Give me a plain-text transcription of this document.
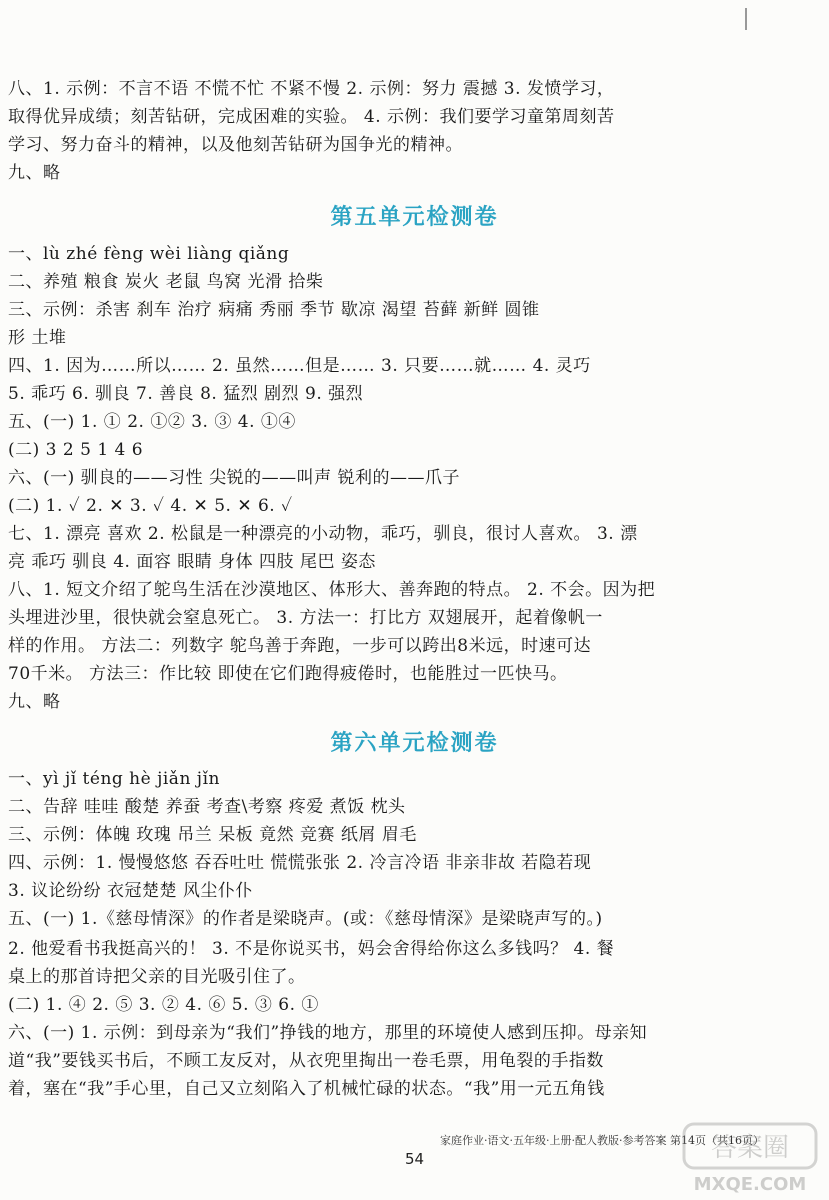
八、1. 示例：不言不语 不慌不忙 不紧不慢 2. 示例：努力 震撼 3. 发愤学习，
取得优异成绩；刻苦钻研，完成困难的实验。 4. 示例：我们要学习童第周刻苦
学习、努力奋斗的精神，以及他刻苦钻研为国争光的精神。
九、略
一、lù zhé fèng wèi liàng qiǎng
二、养殖 粮食 炭火 老鼠 鸟窝 光滑 拾柴
三、示例：杀害 刹车 治疗 病痛 秀丽 季节 歇凉 渴望 苔藓 新鲜 圆锥
形 土堆
四、1. 因为……所以…… 2. 虽然……但是…… 3. 只要……就…… 4. 灵巧
5. 乖巧 6. 驯良 7. 善良 8. 猛烈 剧烈 9. 强烈
五、(一) 1. ① 2. ①② 3. ③ 4. ①④
(二) 3 2 5 1 4 6
六、(一) 驯良的——习性 尖锐的——叫声 锐利的——爪子
(二) 1. ✓ 2. ✕ 3. ✓ 4. ✕ 5. ✕ 6. ✓
七、1. 漂亮 喜欢 2. 松鼠是一种漂亮的小动物，乖巧，驯良，很讨人喜欢。 3. 漂
亮 乖巧 驯良 4. 面容 眼睛 身体 四肢 尾巴 姿态
八、1. 短文介绍了鸵鸟生活在沙漠地区、体形大、善奔跑的特点。 2. 不会。因为把
头埋进沙里，很快就会窒息死亡。 3. 方法一：打比方 双翅展开，起着像帆一
样的作用。 方法二：列数字 鸵鸟善于奔跑，一步可以跨出8米远，时速可达
70千米。 方法三：作比较 即使在它们跑得疲倦时，也能胜过一匹快马。
九、略
一、yì jǐ téng hè jiǎn jǐn
二、告辞 哇哇 酸楚 养蚕 考查\考察 疼爱 煮饭 枕头
三、示例：体魄 玫瑰 吊兰 呆板 竟然 竞赛 纸屑 眉毛
四、示例：1. 慢慢悠悠 吞吞吐吐 慌慌张张 2. 冷言冷语 非亲非故 若隐若现
3. 议论纷纷 衣冠楚楚 风尘仆仆
五、(一) 1.《慈母情深》的作者是梁晓声。(或：《慈母情深》是梁晓声写的。)
2. 他爱看书我挺高兴的！ 3. 不是你说买书，妈会舍得给你这么多钱吗？ 4. 餐
桌上的那首诗把父亲的目光吸引住了。
(二) 1. ④ 2. ⑤ 3. ② 4. ⑥ 5. ③ 6. ①
六、(一) 1. 示例：到母亲为“我们”挣钱的地方，那里的环境使人感到压抑。母亲知
道“我”要钱买书后，不顾工友反对，从衣兜里掏出一卷毛票，用龟裂的手指数
着，塞在“我”手心里，自己又立刻陷入了机械忙碌的状态。“我”用一元五角钱
第五单元检测卷
第六单元检测卷
家庭作业·语文·五年级·上册·配人教版·参考答案 第14页（共16页）
54	答案圈
MXQE.COM
